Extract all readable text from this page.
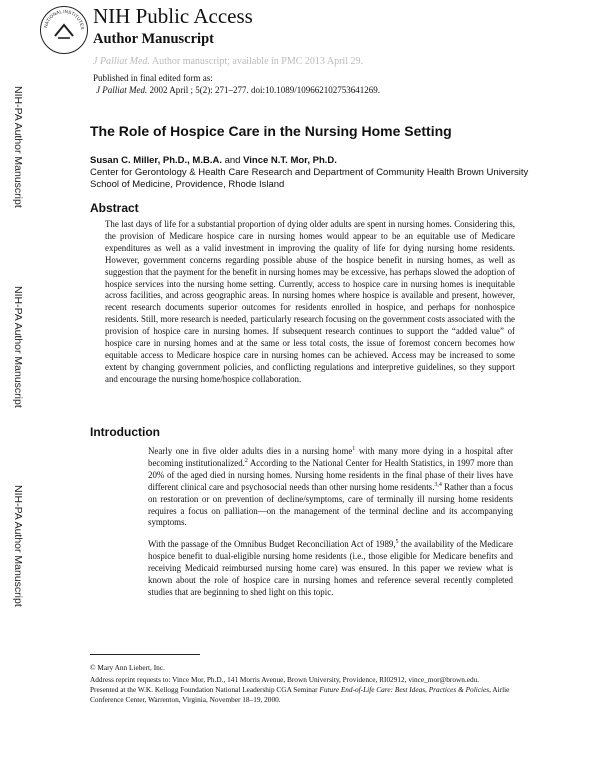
NATIONAL INSTITUTES
NIH Public Access
Author Manuscript
J Palliat Med. Author manuscript; available in PMC 2013 April 29.
Published in final edited form as:
J Palliat Med. 2002 April ; 5(2): 271–277. doi:10.1089/109662102753641269.
NIH-PA Author Manuscript
NIH-PA Author Manuscript
NIH-PA Author Manuscript
The Role of Hospice Care in the Nursing Home Setting
Susan C. Miller, Ph.D., M.B.A. and Vince N.T. Mor, Ph.D.
Center for Gerontology & Health Care Research and Department of Community Health Brown University School of Medicine, Providence, Rhode Island
Abstract
The last days of life for a substantial proportion of dying older adults are spent in nursing homes. Considering this, the provision of Medicare hospice care in nursing homes would appear to be an equitable use of Medicare expenditures as well as a valid investment in improving the quality of life for dying nursing home residents. However, government concerns regarding possible abuse of the hospice benefit in nursing homes, as well as suggestion that the payment for the benefit in nursing homes may be excessive, has perhaps slowed the adoption of hospice services into the nursing home setting. Currently, access to hospice care in nursing homes is inequitable across facilities, and across geographic areas. In nursing homes where hospice is available and present, however, recent research documents superior outcomes for residents enrolled in hospice, and perhaps for nonhospice residents. Still, more research is needed, particularly research focusing on the government costs associated with the provision of hospice care in nursing homes. If subsequent research continues to support the “added value” of hospice care in nursing homes and at the same or less total costs, the issue of foremost concern becomes how equitable access to Medicare hospice care in nursing homes can be achieved. Access may be increased to some extent by changing government policies, and conflicting regulations and interpretive guidelines, so they support and encourage the nursing home/hospice collaboration.
Introduction
Nearly one in five older adults dies in a nursing home$^1$ with many more dying in a hospital after becoming institutionalized.$^2$ According to the National Center for Health Statistics, in 1997 more than 20% of the aged died in nursing homes. Nursing home residents in the final phase of their lives have different clinical care and psychosocial needs than other nursing home residents.$^{3,4}$ Rather than a focus on restoration or on prevention of decline/symptoms, care of terminally ill nursing home residents requires a focus on palliation—on the management of the terminal decline and its accompanying symptoms.
With the passage of the Omnibus Budget Reconciliation Act of 1989,$^5$ the availability of the Medicare hospice benefit to dual-eligible nursing home residents (i.e., those eligible for Medicare benefits and receiving Medicaid reimbursed nursing home care) was ensured. In this paper we review what is known about the role of hospice care in nursing homes and reference several recently completed studies that are beginning to shed light on this topic.
© Mary Ann Liebert, Inc.
Address reprint requests to: Vince Mor, Ph.D., 141 Morris Avenue, Brown University, Providence, RI02912, vince_mor@brown.edu.
Presented at the W.K. Kellogg Foundation National Leadership CGA Seminar Future End-of-Life Care: Best Ideas, Practices & Policies, Airlie Conference Center, Warrenton, Virginia, November 18–19, 2000.
